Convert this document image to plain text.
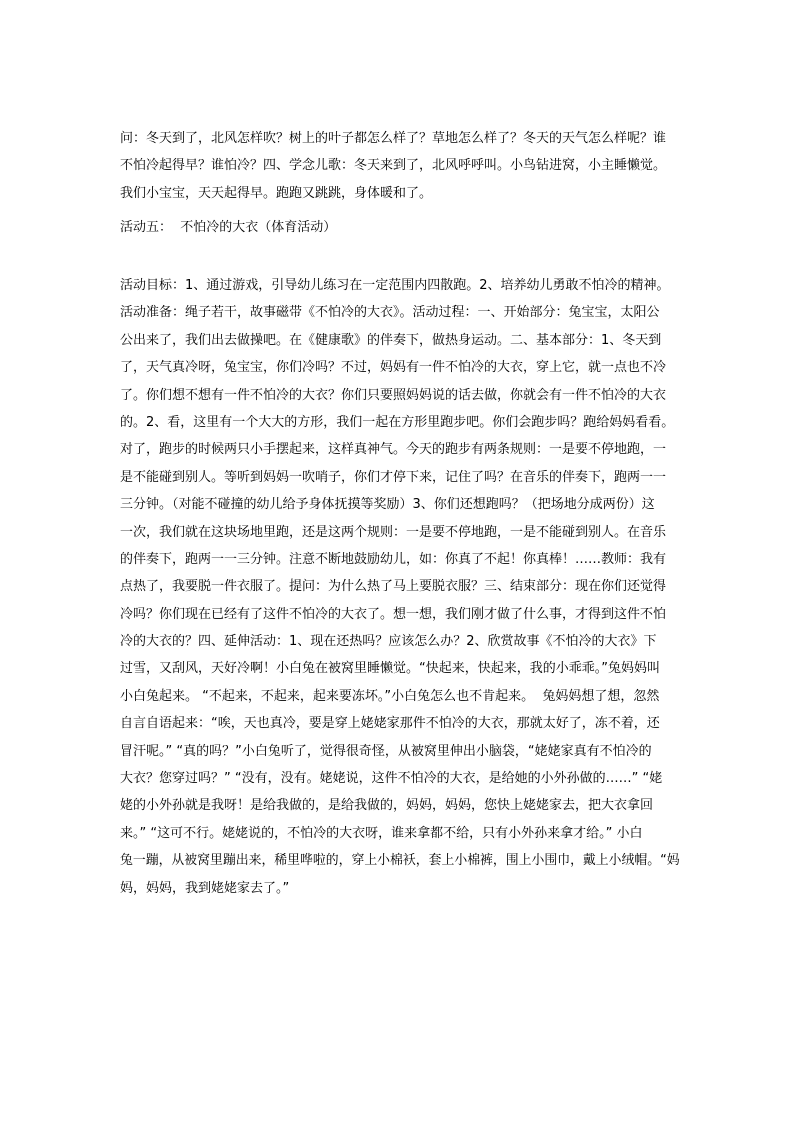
问：冬天到了，北风怎样吹？树上的叶子都怎么样了？草地怎么样了？冬天的天气怎么样呢？谁
不怕冷起得早？谁怕冷？四、学念儿歌：冬天来到了，北风呼呼叫。小鸟钻进窝，小主睡懒觉。
我们小宝宝，天天起得早。跑跑又跳跳，身体暖和了。
活动五：  不怕冷的大衣（体育活动）
活动目标：1、通过游戏，引导幼儿练习在一定范围内四散跑。2、培养幼儿勇敢不怕冷的精神。
活动准备：绳子若干，故事磁带《不怕冷的大衣》。活动过程：一、开始部分：兔宝宝，太阳公
公出来了，我们出去做操吧。在《健康歌》的伴奏下，做热身运动。二、基本部分：1、冬天到
了，天气真冷呀，兔宝宝，你们冷吗？不过，妈妈有一件不怕冷的大衣，穿上它，就一点也不冷
了。你们想不想有一件不怕冷的大衣？你们只要照妈妈说的话去做，你就会有一件不怕冷的大衣
的。2、看，这里有一个大大的方形，我们一起在方形里跑步吧。你们会跑步吗？跑给妈妈看看。
对了，跑步的时候两只小手摆起来，这样真神气。今天的跑步有两条规则：一是要不停地跑，一
是不能碰到别人。等听到妈妈一吹哨子，你们才停下来，记住了吗？在音乐的伴奏下，跑两一一
三分钟。（对能不碰撞的幼儿给予身体抚摸等奖励）3、你们还想跑吗？（把场地分成两份）这
一次，我们就在这块场地里跑，还是这两个规则：一是要不停地跑，一是不能碰到别人。在音乐
的伴奏下，跑两一一三分钟。注意不断地鼓励幼儿，如：你真了不起！你真棒！……教师：我有
点热了，我要脱一件衣服了。提问：为什么热了马上要脱衣服？三、结束部分：现在你们还觉得
冷吗？你们现在已经有了这件不怕冷的大衣了。想一想，我们刚才做了什么事，才得到这件不怕
冷的大衣的？四、延伸活动：1、现在还热吗？应该怎么办？2、欣赏故事《不怕冷的大衣》下
过雪，又刮风，天好冷啊！小白兔在被窝里睡懒觉。“快起来，快起来，我的小乖乖。”兔妈妈叫
小白兔起来。 “不起来，不起来，起来要冻坏。”小白兔怎么也不肯起来。  兔妈妈想了想，忽然
自言自语起来：“唉，天也真冷，要是穿上姥姥家那件不怕冷的大衣，那就太好了，冻不着，还
冒汗呢。” “真的吗？”小白兔听了，觉得很奇怪，从被窝里伸出小脑袋，“姥姥家真有不怕冷的
大衣？您穿过吗？” “没有，没有。姥姥说，这件不怕冷的大衣，是给她的小外孙做的……” “姥
姥的小外孙就是我呀！是给我做的，是给我做的，妈妈，妈妈，您快上姥姥家去，把大衣拿回
来。” “这可不行。姥姥说的，不怕冷的大衣呀，谁来拿都不给，只有小外孙来拿才给。” 小白
兔一蹦，从被窝里蹦出来，稀里哗啦的，穿上小棉袄，套上小棉裤，围上小围巾，戴上小绒帽。“妈
妈，妈妈，我到姥姥家去了。”
